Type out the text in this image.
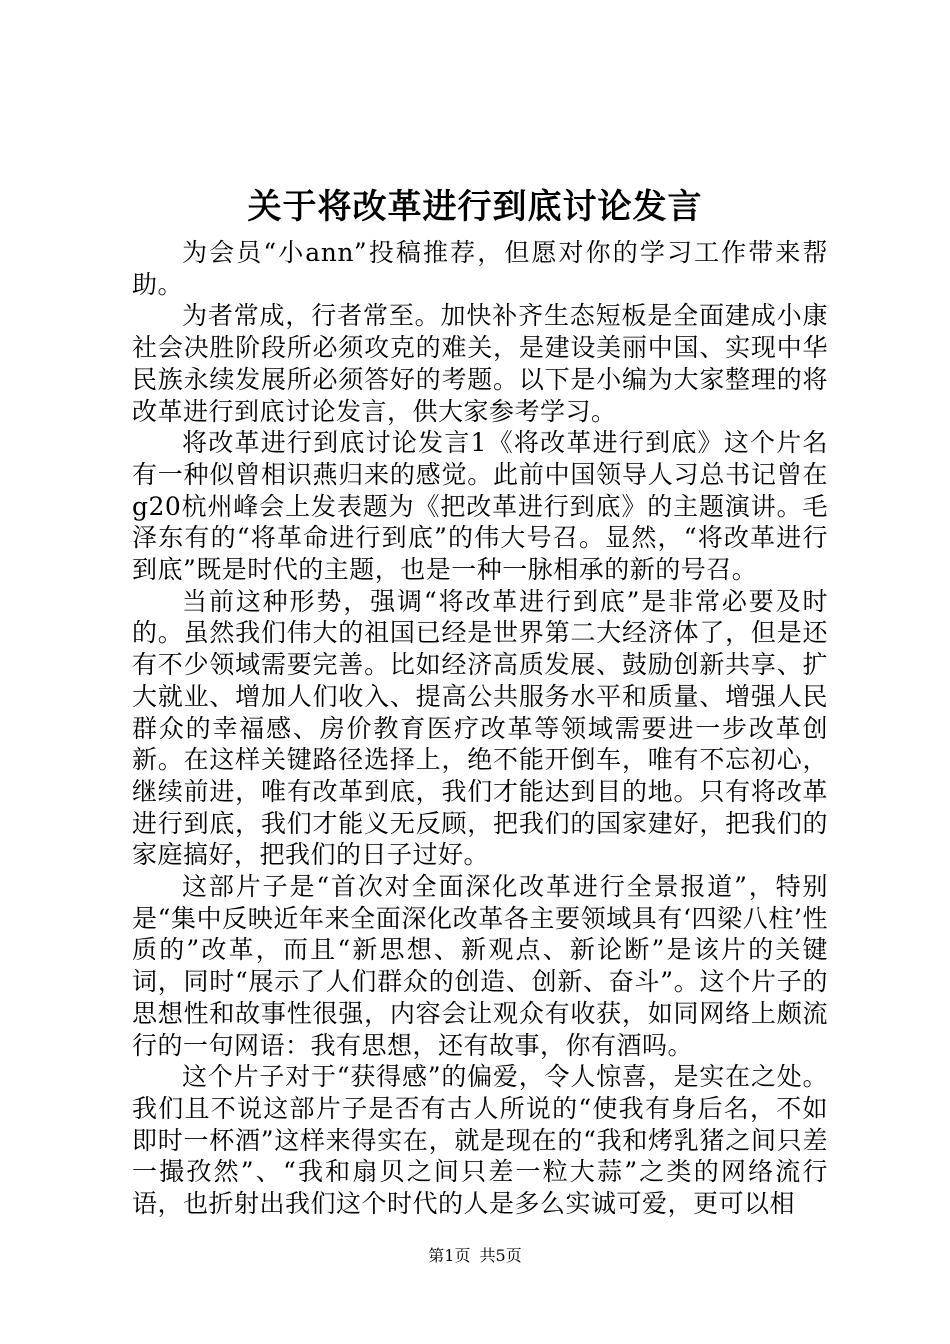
关于将改革进行到底讨论发言

为会员“小ann”投稿推荐，但愿对你的学习工作带来帮助。

为者常成，行者常至。加快补齐生态短板是全面建成小康社会决胜阶段所必须攻克的难关，是建设美丽中国、实现中华民族永续发展所必须答好的考题。以下是小编为大家整理的将改革进行到底讨论发言，供大家参考学习。

将改革进行到底讨论发言1《将改革进行到底》这个片名有一种似曾相识燕归来的感觉。此前中国领导人习总书记曾在g20杭州峰会上发表题为《把改革进行到底》的主题演讲。毛泽东有的“将革命进行到底”的伟大号召。显然，“将改革进行到底”既是时代的主题，也是一种一脉相承的新的号召。

当前这种形势，强调“将改革进行到底”是非常必要及时的。虽然我们伟大的祖国已经是世界第二大经济体了，但是还有不少领域需要完善。比如经济高质发展、鼓励创新共享、扩大就业、增加人们收入、提高公共服务水平和质量、增强人民群众的幸福感、房价教育医疗改革等领域需要进一步改革创新。在这样关键路径选择上，绝不能开倒车，唯有不忘初心，继续前进，唯有改革到底，我们才能达到目的地。只有将改革进行到底，我们才能义无反顾，把我们的国家建好，把我们的家庭搞好，把我们的日子过好。

这部片子是“首次对全面深化改革进行全景报道”，特别是“集中反映近年来全面深化改革各主要领域具有‘四梁八柱’性质的”改革，而且“新思想、新观点、新论断”是该片的关键词，同时“展示了人们群众的创造、创新、奋斗”。这个片子的思想性和故事性很强，内容会让观众有收获，如同网络上颇流行的一句网语：我有思想，还有故事，你有酒吗。

这个片子对于“获得感”的偏爱，令人惊喜，是实在之处。我们且不说这部片子是否有古人所说的“使我有身后名，不如即时一杯酒”这样来得实在，就是现在的“我和烤乳猪之间只差一撮孜然”、“我和扇贝之间只差一粒大蒜”之类的网络流行语，也折射出我们这个时代的人是多么实诚可爱，更可以相

第1页 共5页
